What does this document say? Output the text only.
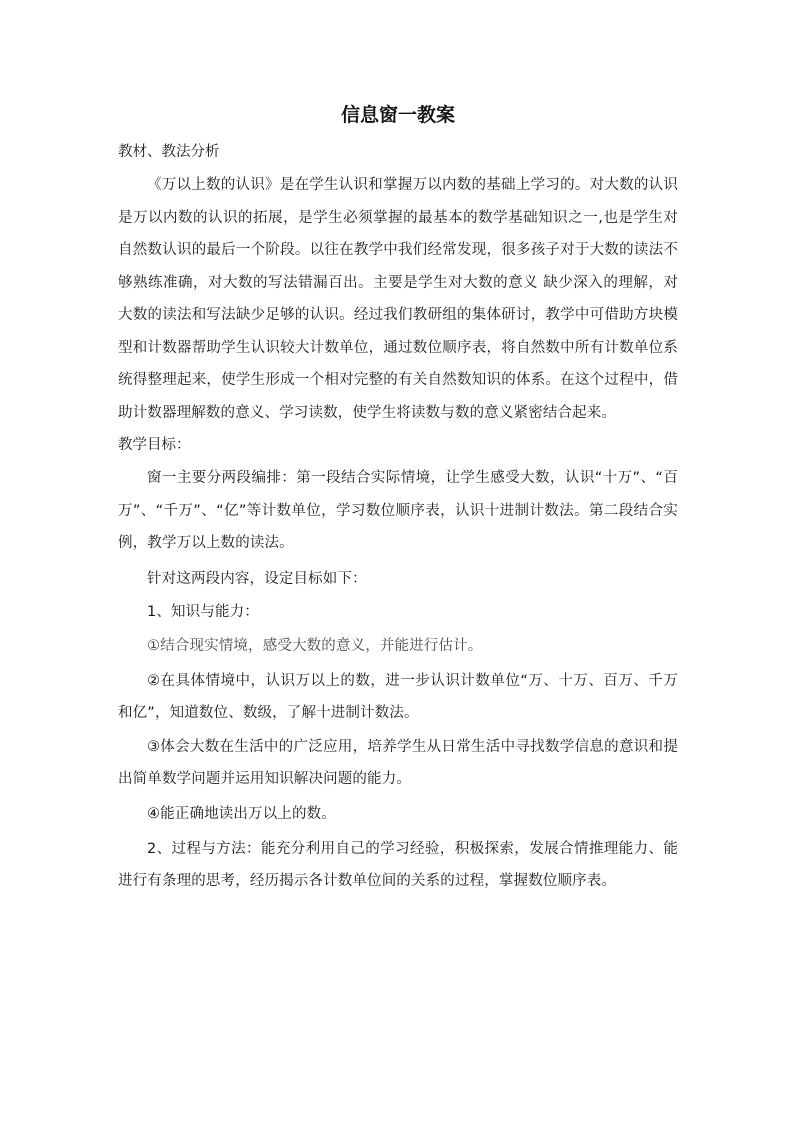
信息窗一教案

教材、教法分析

《万以上数的认识》是在学生认识和掌握万以内数的基础上学习的。对大数的认识是万以内数的认识的拓展，是学生必须掌握的最基本的数学基础知识之一,也是学生对自然数认识的最后一个阶段。以往在教学中我们经常发现，很多孩子对于大数的读法不够熟练准确，对大数的写法错漏百出。主要是学生对大数的意义 缺少深入的理解，对大数的读法和写法缺少足够的认识。经过我们教研组的集体研讨，教学中可借助方块模型和计数器帮助学生认识较大计数单位，通过数位顺序表，将自然数中所有计数单位系统得整理起来，使学生形成一个相对完整的有关自然数知识的体系。在这个过程中，借助计数器理解数的意义、学习读数，使学生将读数与数的意义紧密结合起来。

教学目标：

窗一主要分两段编排：第一段结合实际情境，让学生感受大数，认识“十万”、“百万”、“千万”、“亿”等计数单位，学习数位顺序表，认识十进制计数法。第二段结合实例，教学万以上数的读法。

针对这两段内容，设定目标如下：

1、知识与能力：

①结合现实情境，感受大数的意义，并能进行估计。

②在具体情境中，认识万以上的数，进一步认识计数单位“万、十万、百万、千万和亿”，知道数位、数级，了解十进制计数法。

③体会大数在生活中的广泛应用，培养学生从日常生活中寻找数学信息的意识和提出简单数学问题并运用知识解决问题的能力。

④能正确地读出万以上的数。

2、过程与方法：能充分利用自己的学习经验，积极探索，发展合情推理能力、能进行有条理的思考，经历揭示各计数单位间的关系的过程，掌握数位顺序表。
